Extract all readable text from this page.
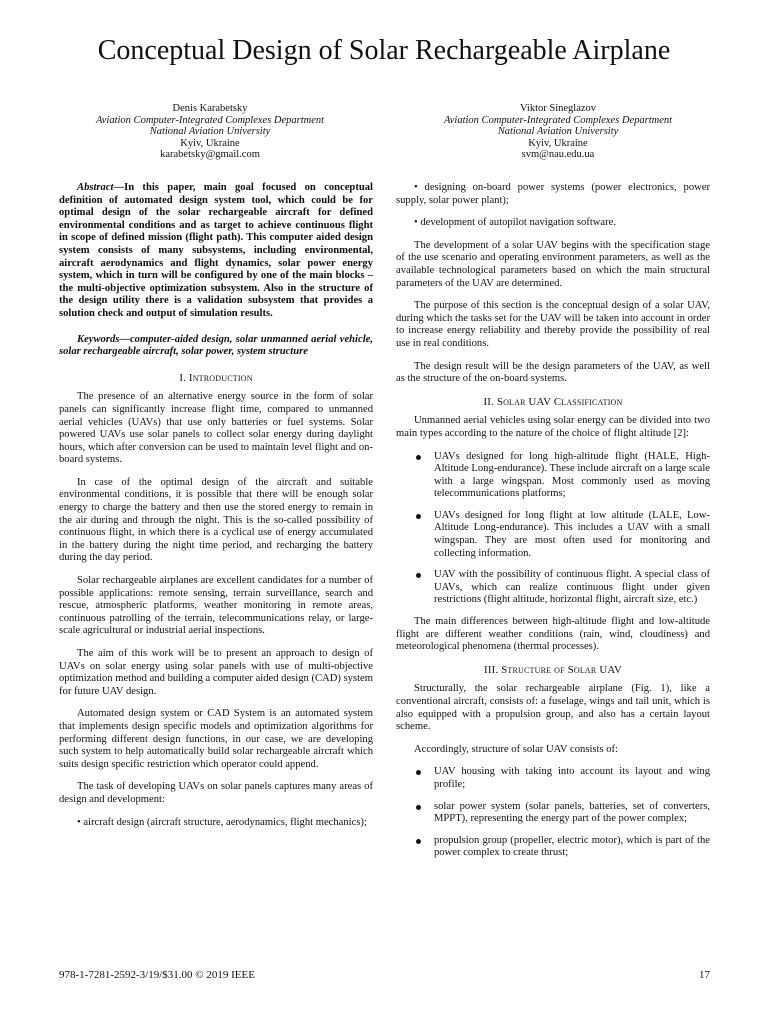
Conceptual Design of Solar Rechargeable Airplane
Denis Karabetsky
Aviation Computer-Integrated Complexes Department
National Aviation University
Kyiv, Ukraine
karabetsky@gmail.com
Viktor Sineglazov
Aviation Computer-Integrated Complexes Department
National Aviation University
Kyiv, Ukraine
svm@nau.edu.ua

Abstract—In this paper, main goal focused on conceptual definition of automated design system tool, which could be for optimal design of the solar rechargeable aircraft for defined environmental conditions and as target to achieve continuous flight in scope of defined mission (flight path). This computer aided design system consists of many subsystems, including environmental, aircraft aerodynamics and flight dynamics, solar power energy system, which in turn will be configured by one of the main blocks – the multi-objective optimization subsystem. Also in the structure of the design utility there is a validation subsystem that provides a solution check and output of simulation results.

Keywords—computer-aided design, solar unmanned aerial vehicle, solar rechargeable aircraft, solar power, system structure

I. Introduction

The presence of an alternative energy source in the form of solar panels can significantly increase flight time, compared to unmanned aerial vehicles (UAVs) that use only batteries or fuel systems. Solar powered UAVs use solar panels to collect solar energy during daylight hours, which after conversion can be used to maintain level flight and on-board systems.

In case of the optimal design of the aircraft and suitable environmental conditions, it is possible that there will be enough solar energy to charge the battery and then use the stored energy to remain in the air during and through the night. This is the so-called possibility of continuous flight, in which there is a cyclical use of energy accumulated in the battery during the night time period, and recharging the battery during the day period.

Solar rechargeable airplanes are excellent candidates for a number of possible applications: remote sensing, terrain surveillance, search and rescue, atmospheric platforms, weather monitoring in remote areas, continuous patrolling of the terrain, telecommunications relay, or large-scale agricultural or industrial aerial inspections.

The aim of this work will be to present an approach to design of UAVs on solar energy using solar panels with use of multi-objective optimization method and building a computer aided design (CAD) system for future UAV design.

Automated design system or CAD System is an automated system that implements design specific models and optimization algorithms for performing different design functions, in our case, we are developing such system to help automatically build solar rechargeable aircraft which suits design specific restriction which operator could append.

The task of developing UAVs on solar panels captures many areas of design and development:

• aircraft design (aircraft structure, aerodynamics, flight mechanics);

• designing on-board power systems (power electronics, power supply, solar power plant);

• development of autopilot navigation software.

The development of a solar UAV begins with the specification stage of the use scenario and operating environment parameters, as well as the available technological parameters based on which the main structural parameters of the UAV are determined.

The purpose of this section is the conceptual design of a solar UAV, during which the tasks set for the UAV will be taken into account in order to increase energy reliability and thereby provide the possibility of real use in real conditions.

The design result will be the design parameters of the UAV, as well as the structure of the on-board systems.

II. Solar UAV Classification

Unmanned aerial vehicles using solar energy can be divided into two main types according to the nature of the choice of flight altitude [2]:

UAVs designed for long high-altitude flight (HALE, High-Altitude Long-endurance). These include aircraft on a large scale with a large wingspan. Most commonly used as moving telecommunications platforms;
UAVs designed for long flight at low altitude (LALE, Low-Altitude Long-endurance). This includes a UAV with a small wingspan. They are most often used for monitoring and collecting information.
UAV with the possibility of continuous flight. A special class of UAVs, which can realize continuous flight under given restrictions (flight altitude, horizontal flight, aircraft size, etc.)

The main differences between high-altitude flight and low-altitude flight are different weather conditions (rain, wind, cloudiness) and meteorological phenomena (thermal processes).

III. Structure of Solar UAV

Structurally, the solar rechargeable airplane (Fig. 1), like a conventional aircraft, consists of: a fuselage, wings and tail unit, which is also equipped with a propulsion group, and also has a certain layout scheme.

Accordingly, structure of solar UAV consists of:

UAV housing with taking into account its layout and wing profile;
solar power system (solar panels, batteries, set of converters, MPPT), representing the energy part of the power complex;
propulsion group (propeller, electric motor), which is part of the power complex to create thrust;
978-1-7281-2592-3/19/$31.00 © 2019 IEEE	17
